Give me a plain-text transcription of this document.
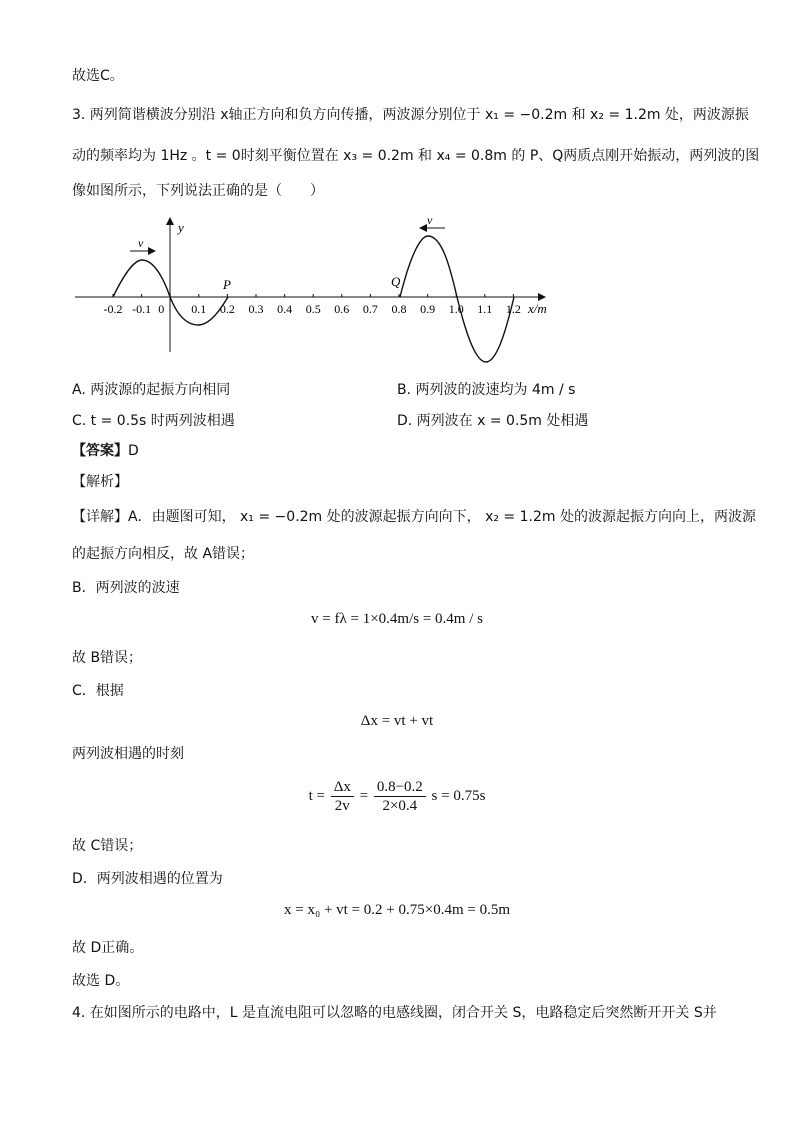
故选C。
3. 两列简谐横波分别沿 x轴正方向和负方向传播，两波源分别位于 x₁ = −0.2m 和 x₂ = 1.2m 处，两波源振
动的频率均为 1Hz 。t = 0时刻平衡位置在 x₃ = 0.2m 和 x₄ = 0.8m 的 P、Q两质点刚开始振动，两列波的图
像如图所示，下列说法正确的是（　　）
y
x/m
-0.2 -0.1 0 0.1 0.2 0.3 0.4 0.5 0.6 0.7 0.8 0.9 1.0 1.1 1.2
v
v
P	Q
A. 两波源的起振方向相同	B. 两列波的波速均为 4m / s
C. t = 0.5s 时两列波相遇	D. 两列波在 x = 0.5m 处相遇
【答案】D
【解析】
【详解】A．由题图可知， x₁ = −0.2m 处的波源起振方向向下， x₂ = 1.2m 处的波源起振方向向上，两波源
的起振方向相反，故 A错误；
B．两列波的波速
v = fλ = 1×0.4m/s = 0.4m / s
故 B错误；
C．根据
Δx = vt + vt
两列波相遇的时刻
$t = \frac{\Delta x}{2v} = \frac{0.8-0.2}{2\times 0.4}$ s = 0.75s
故 C错误；
D．两列波相遇的位置为
x = x₀ + vt = 0.2 + 0.75×0.4m = 0.5m
故 D正确。
故选 D。
4. 在如图所示的电路中，L 是直流电阻可以忽略的电感线圈，闭合开关 S，电路稳定后突然断开开关 S并
